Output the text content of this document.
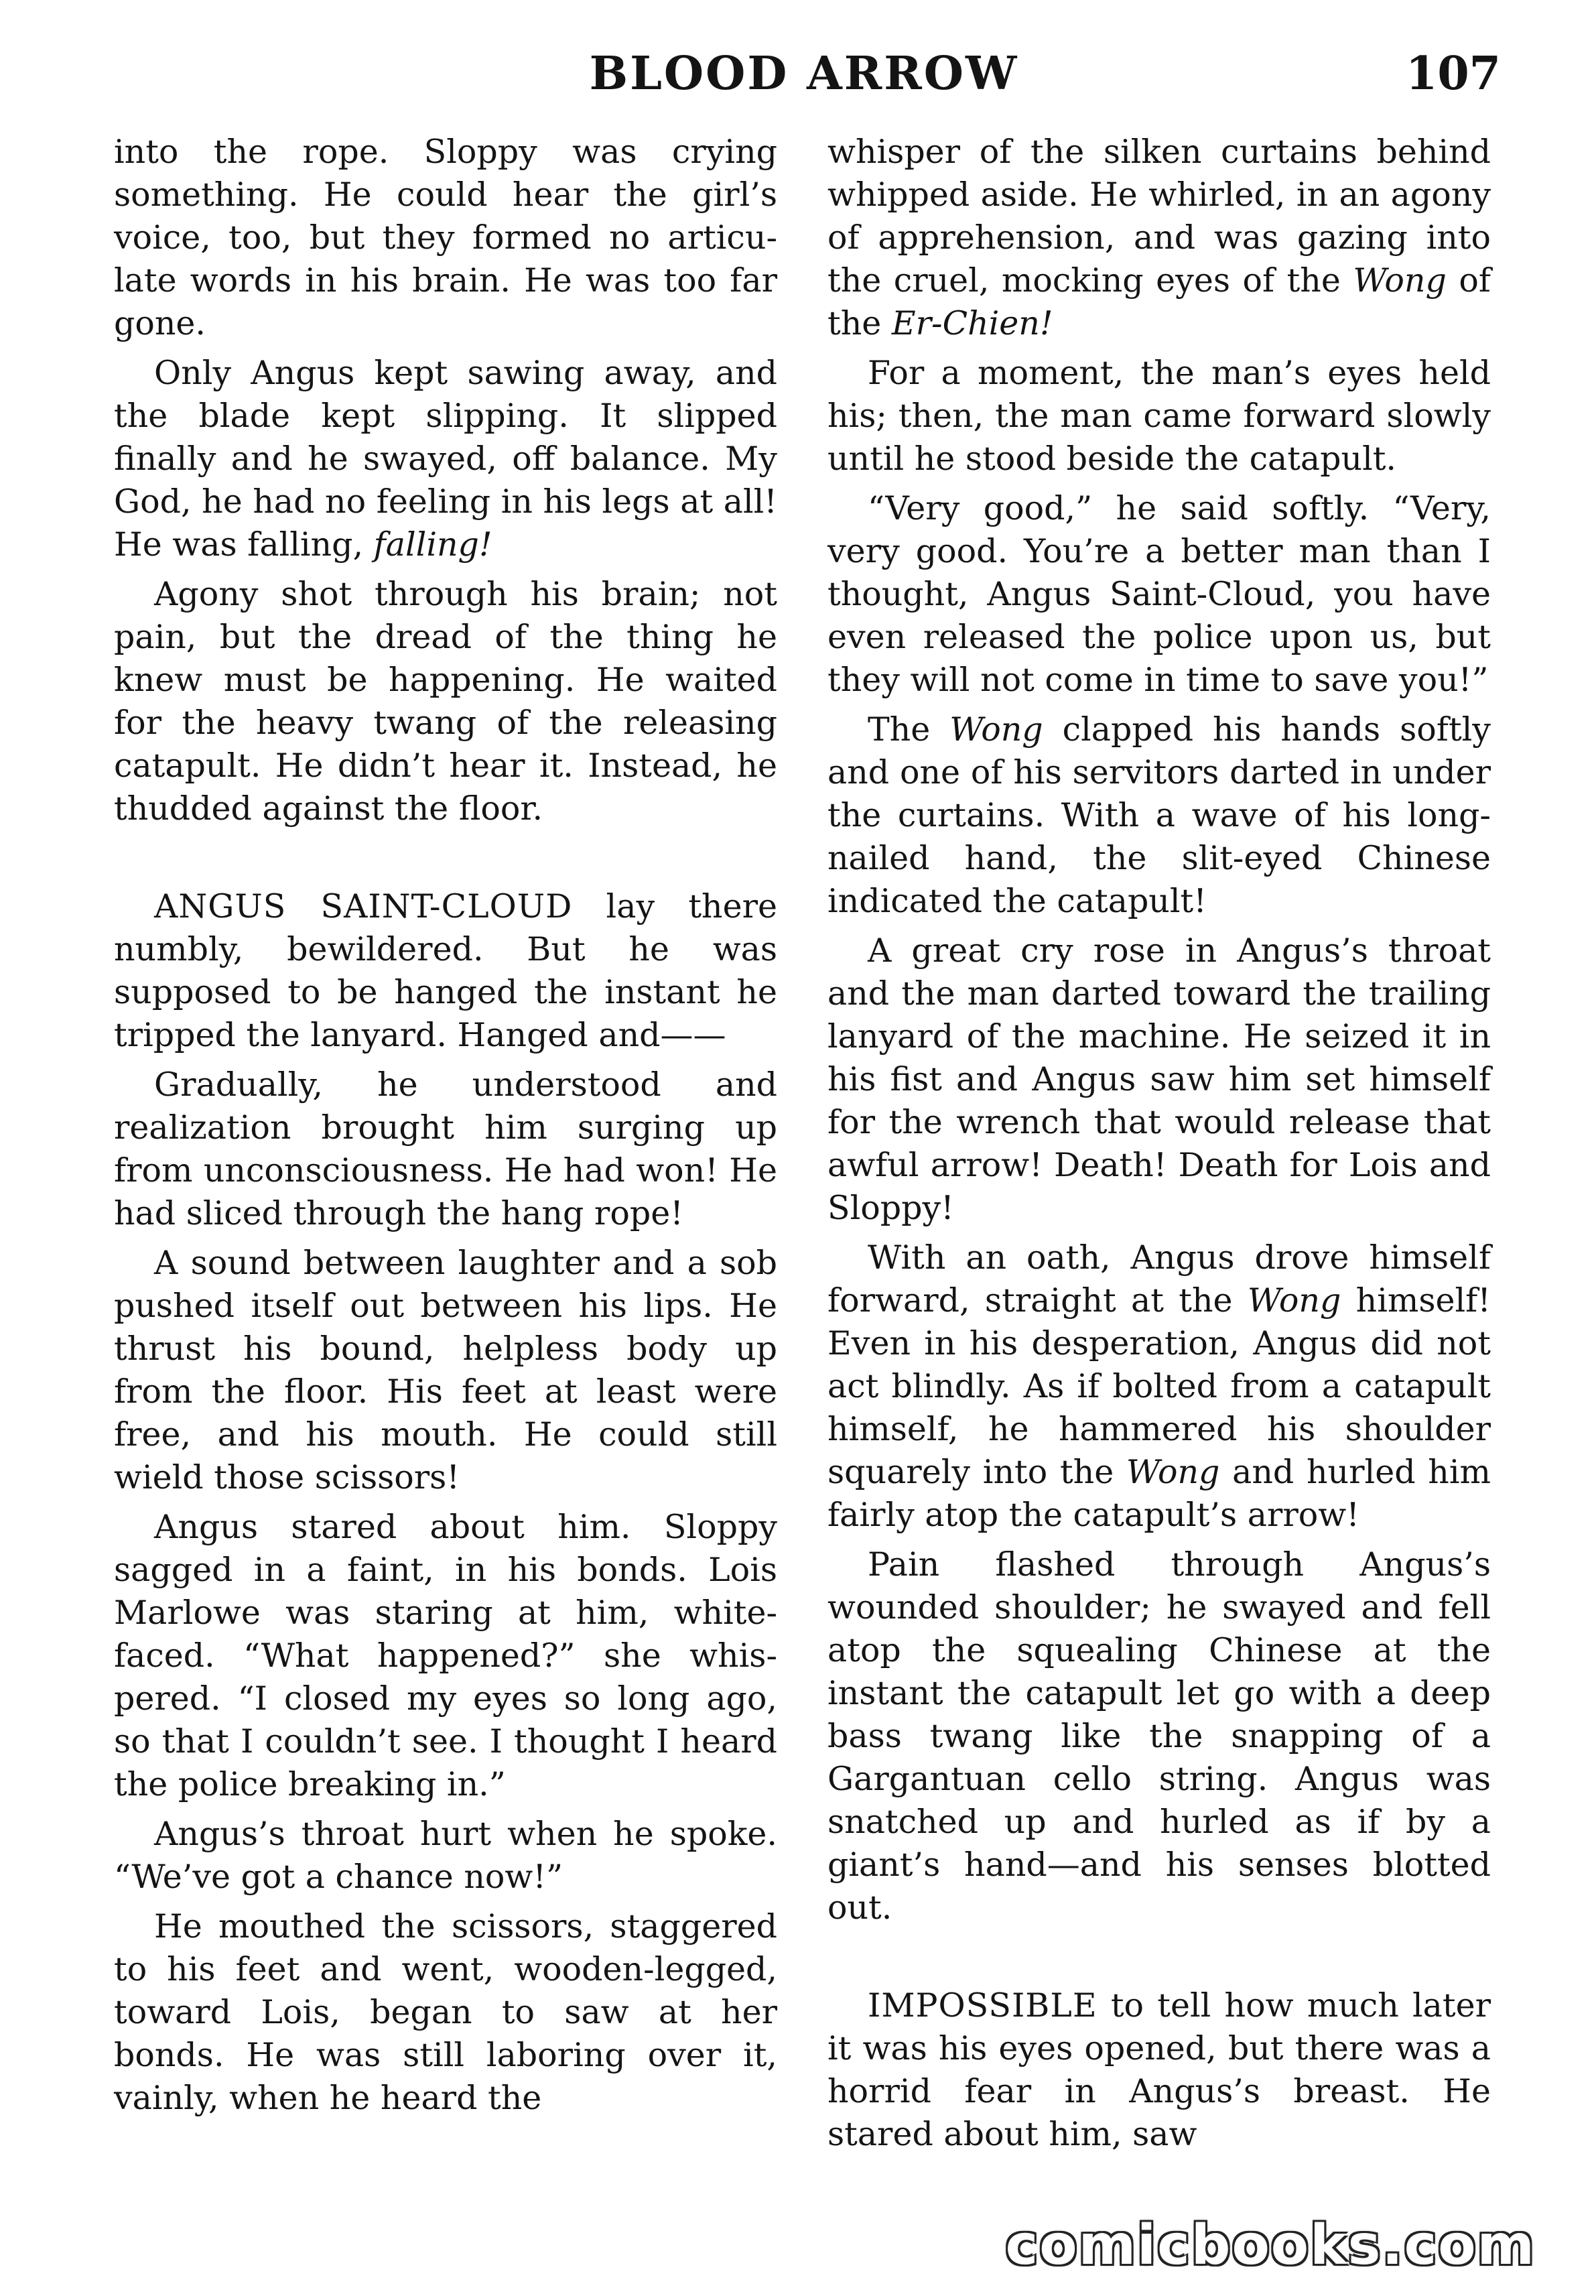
BLOOD ARROW	107

into the rope. Sloppy was crying something. He could hear the girl’s voice, too, but they formed no articulate words in his brain. He was too far gone.

Only Angus kept sawing away, and the blade kept slipping. It slipped finally and he swayed, off balance. My God, he had no feeling in his legs at all! He was falling, falling!

Agony shot through his brain; not pain, but the dread of the thing he knew must be happening. He waited for the heavy twang of the releasing catapult. He didn’t hear it. Instead, he thudded against the floor.

ANGUS SAINT-CLOUD lay there numbly, bewildered. But he was supposed to be hanged the instant he tripped the lanyard. Hanged and——

Gradually, he understood and realization brought him surging up from unconsciousness. He had won! He had sliced through the hang rope!

A sound between laughter and a sob pushed itself out between his lips. He thrust his bound, helpless body up from the floor. His feet at least were free, and his mouth. He could still wield those scissors!

Angus stared about him. Sloppy sagged in a faint, in his bonds. Lois Marlowe was staring at him, white-faced. “What happened?” she whispered. “I closed my eyes so long ago, so that I couldn’t see. I thought I heard the police breaking in.”

Angus’s throat hurt when he spoke. “We’ve got a chance now!”

He mouthed the scissors, staggered to his feet and went, wooden-legged, toward Lois, began to saw at her bonds. He was still laboring over it, vainly, when he heard the

whisper of the silken curtains behind whipped aside. He whirled, in an agony of apprehension, and was gazing into the cruel, mocking eyes of the Wong of the Er-Chien!

For a moment, the man’s eyes held his; then, the man came forward slowly until he stood beside the catapult.

“Very good,” he said softly. “Very, very good. You’re a better man than I thought, Angus Saint-Cloud, you have even released the police upon us, but they will not come in time to save you!”

The Wong clapped his hands softly and one of his servitors darted in under the curtains. With a wave of his long-nailed hand, the slit-eyed Chinese indicated the catapult!

A great cry rose in Angus’s throat and the man darted toward the trailing lanyard of the machine. He seized it in his fist and Angus saw him set himself for the wrench that would release that awful arrow! Death! Death for Lois and Sloppy!

With an oath, Angus drove himself forward, straight at the Wong himself! Even in his desperation, Angus did not act blindly. As if bolted from a catapult himself, he hammered his shoulder squarely into the Wong and hurled him fairly atop the catapult’s arrow!

Pain flashed through Angus’s wounded shoulder; he swayed and fell atop the squealing Chinese at the instant the catapult let go with a deep bass twang like the snapping of a Gargantuan cello string. Angus was snatched up and hurled as if by a giant’s hand—and his senses blotted out.

IMPOSSIBLE to tell how much later it was his eyes opened, but there was a horrid fear in Angus’s breast. He stared about him, saw

comicbooks.com
